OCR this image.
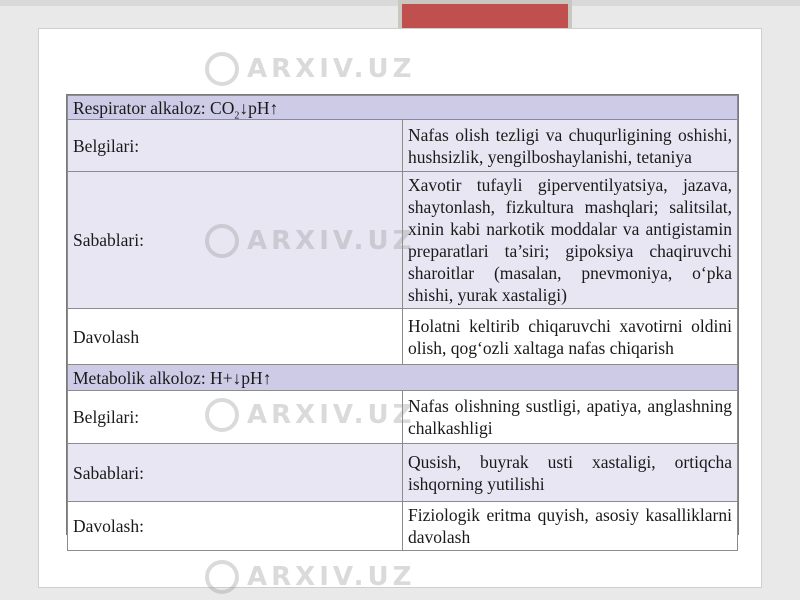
Respirator alkaloz: $CO_2↓pH↑$	
Belgilari:	Nafas olish tezligi va chuqurligining oshishi, hushsizlik, yengilboshaylanishi, tetaniya
Sabablari:	Xavotir tufayli giperventilyatsiya, jazava, shaytonlash, fizkultura mashqlari; salitsilat, xinin kabi narkotik moddalar va antigistamin preparatlari ta’siri; gipoksiya chaqiruvchi sharoitlar (masalan, pnevmoniya, o‘pka shishi, yurak xastaligi)
Davolash	Holatni keltirib chiqaruvchi xavotirni oldini olish, qog‘ozli xaltaga nafas chiqarish
Metabolik alkoloz: H+↓pH↑	
Belgilari:	Nafas olishning sustligi, apatiya, anglashning chalkashligi
Sabablari:	Qusish, buyrak usti xastaligi, ortiqcha ishqorning yutilishi
Davolash:	Fiziologik eritma quyish, asosiy kasalliklarni davolash
ARXIV.UZ
ARXIV.UZ
ARXIV.UZ
ARXIV.UZ
